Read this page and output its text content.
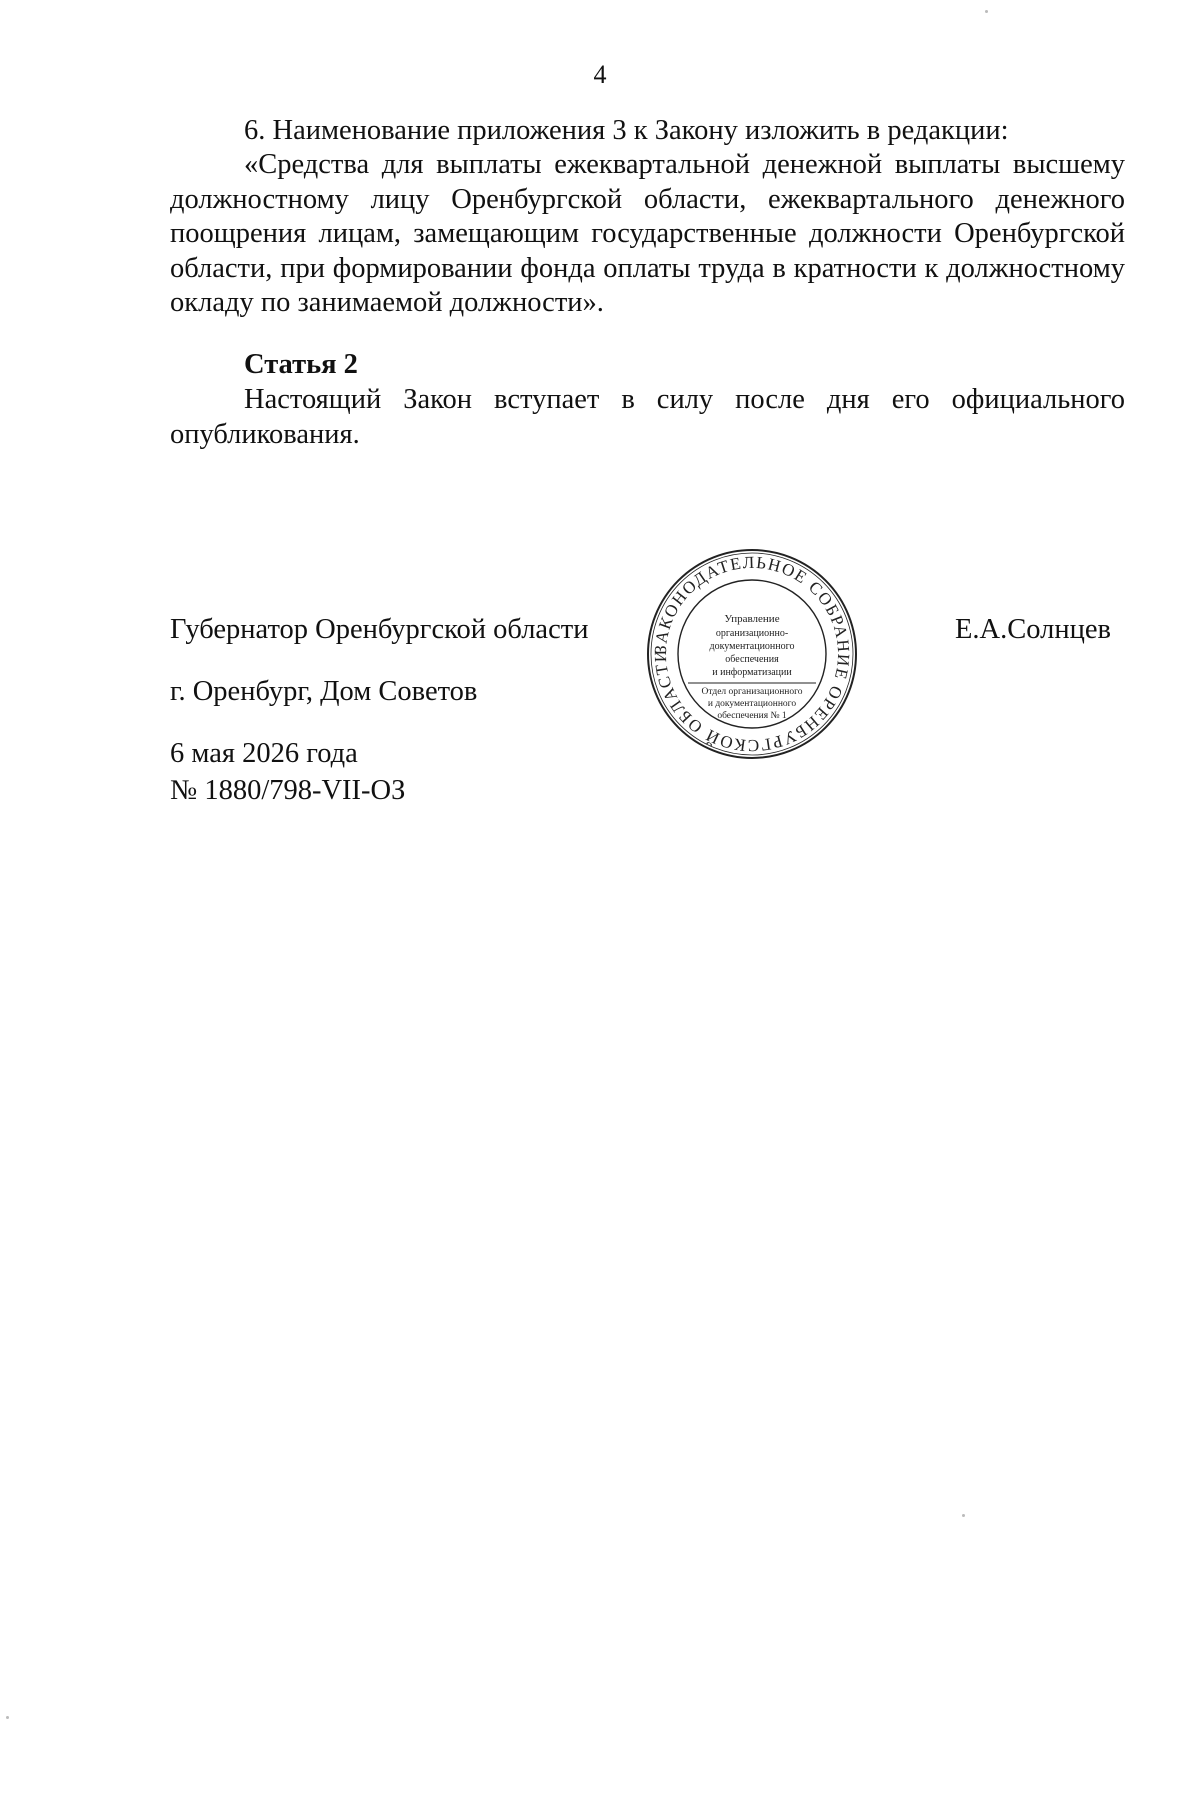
4
6. Наименование приложения 3 к Закону изложить в редакции:
«Средства для выплаты ежеквартальной денежной выплаты высшему должностному лицу Оренбургской области, ежеквартального денежного поощрения лицам, замещающим государственные должности Оренбургской области, при формировании фонда оплаты труда в кратности к должностному окладу по занимаемой должности».
Статья 2
Настоящий Закон вступает в силу после дня его официального опубликования.
Губернатор Оренбургской области	Е.А.Солнцев
г. Оренбург, Дом Советов
6 мая 2026 года
№ 1880/798-VII-ОЗ
ЗАКОНОДАТЕЛЬНОЕ СОБРАНИЕ ОРЕНБУРГСКОЙ ОБЛАСТИ
Управление
организационно-
документационного
обеспечения
и информатизации
Отдел организационного
и документационного
обеспечения № 1
